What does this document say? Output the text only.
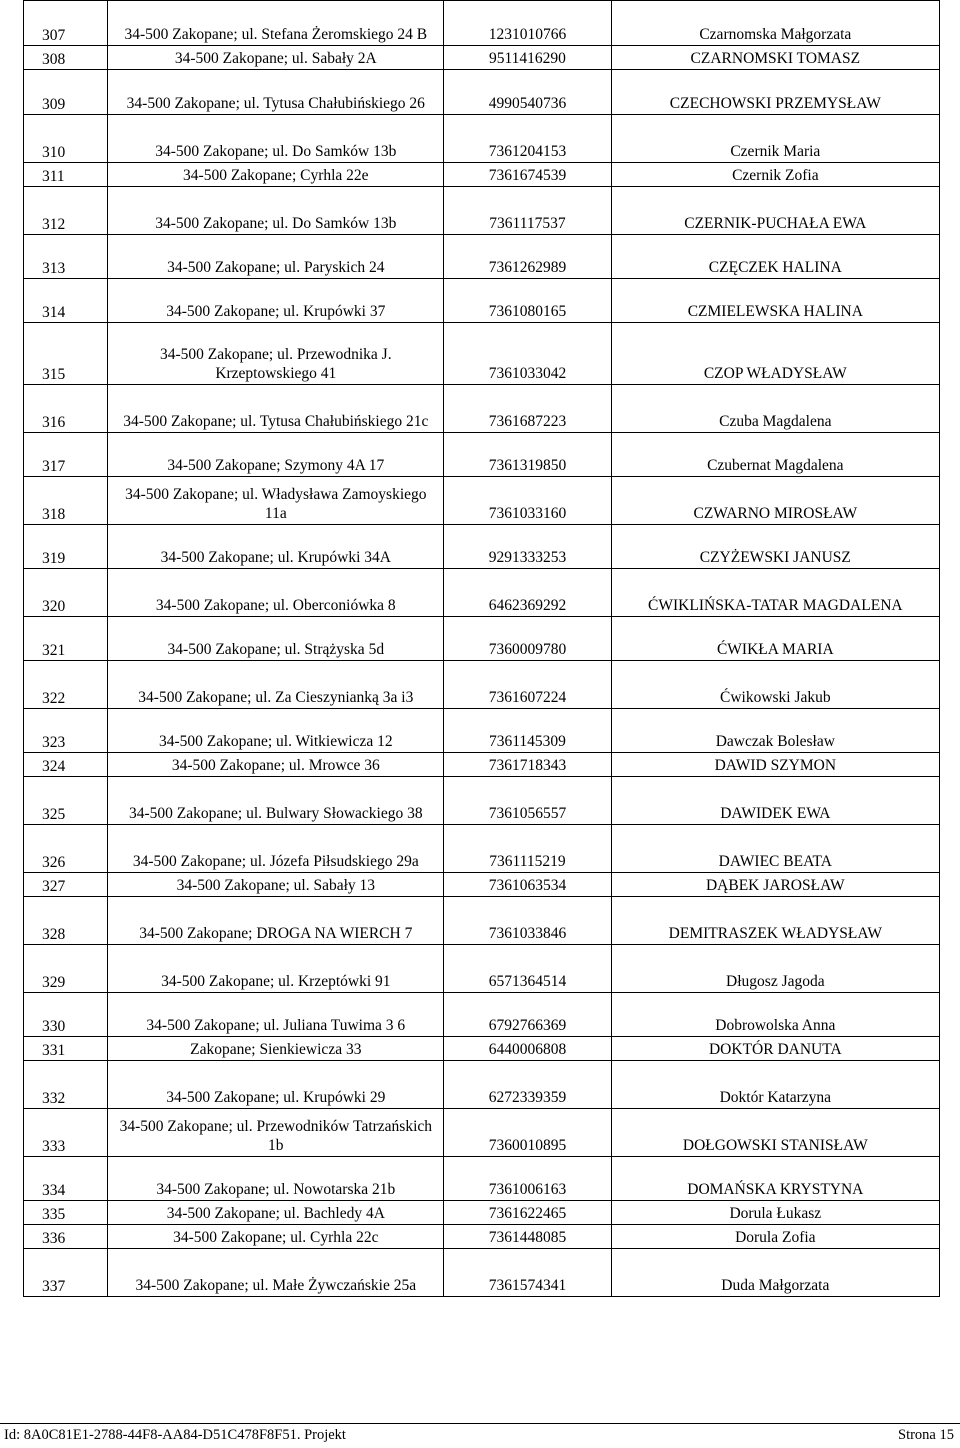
307	34-500 Zakopane; ul. Stefana Żeromskiego 24 B	1231010766	Czarnomska Małgorzata
308	34-500 Zakopane; ul. Sabały 2A	9511416290	CZARNOMSKI TOMASZ
309	34-500 Zakopane; ul. Tytusa Chałubińskiego 26	4990540736	CZECHOWSKI PRZEMYSŁAW
310	34-500 Zakopane; ul. Do Samków 13b	7361204153	Czernik Maria
311	34-500 Zakopane; Cyrhla 22e	7361674539	Czernik Zofia
312	34-500 Zakopane; ul. Do Samków 13b	7361117537	CZERNIK-PUCHAŁA EWA
313	34-500 Zakopane; ul. Paryskich 24	7361262989	CZĘCZEK HALINA
314	34-500 Zakopane; ul. Krupówki 37	7361080165	CZMIELEWSKA HALINA
315	34-500 Zakopane; ul. Przewodnika J. Krzeptowskiego 41	7361033042	CZOP WŁADYSŁAW
316	34-500 Zakopane; ul. Tytusa Chałubińskiego 21c	7361687223	Czuba Magdalena
317	34-500 Zakopane; Szymony 4A 17	7361319850	Czubernat Magdalena
318	34-500 Zakopane; ul. Władysława Zamoyskiego 11a	7361033160	CZWARNO MIROSŁAW
319	34-500 Zakopane; ul. Krupówki 34A	9291333253	CZYŻEWSKI JANUSZ
320	34-500 Zakopane; ul. Oberconiówka 8	6462369292	ĆWIKLIŃSKA-TATAR MAGDALENA
321	34-500 Zakopane; ul. Strążyska 5d	7360009780	ĆWIKŁA MARIA
322	34-500 Zakopane; ul. Za Cieszynianką 3a i3	7361607224	Ćwikowski Jakub
323	34-500 Zakopane; ul. Witkiewicza 12	7361145309	Dawczak Bolesław
324	34-500 Zakopane; ul. Mrowce 36	7361718343	DAWID SZYMON
325	34-500 Zakopane; ul. Bulwary Słowackiego 38	7361056557	DAWIDEK EWA
326	34-500 Zakopane; ul. Józefa Piłsudskiego 29a	7361115219	DAWIEC BEATA
327	34-500 Zakopane; ul. Sabały 13	7361063534	DĄBEK JAROSŁAW
328	34-500 Zakopane; DROGA NA WIERCH 7	7361033846	DEMITRASZEK WŁADYSŁAW
329	34-500 Zakopane; ul. Krzeptówki 91	6571364514	Długosz Jagoda
330	34-500 Zakopane; ul. Juliana Tuwima 3 6	6792766369	Dobrowolska Anna
331	Zakopane; Sienkiewicza 33	6440006808	DOKTÓR DANUTA
332	34-500 Zakopane; ul. Krupówki 29	6272339359	Doktór Katarzyna
333	34-500 Zakopane; ul. Przewodników Tatrzańskich 1b	7360010895	DOŁGOWSKI STANISŁAW
334	34-500 Zakopane; ul. Nowotarska 21b	7361006163	DOMAŃSKA KRYSTYNA
335	34-500 Zakopane; ul. Bachledy 4A	7361622465	Dorula Łukasz
336	34-500 Zakopane; ul. Cyrhla 22c	7361448085	Dorula Zofia
337	34-500 Zakopane; ul. Małe Żywczańskie 25a	7361574341	Duda Małgorzata
Id: 8A0C81E1-2788-44F8-AA84-D51C478F8F51. Projekt	Strona 15
